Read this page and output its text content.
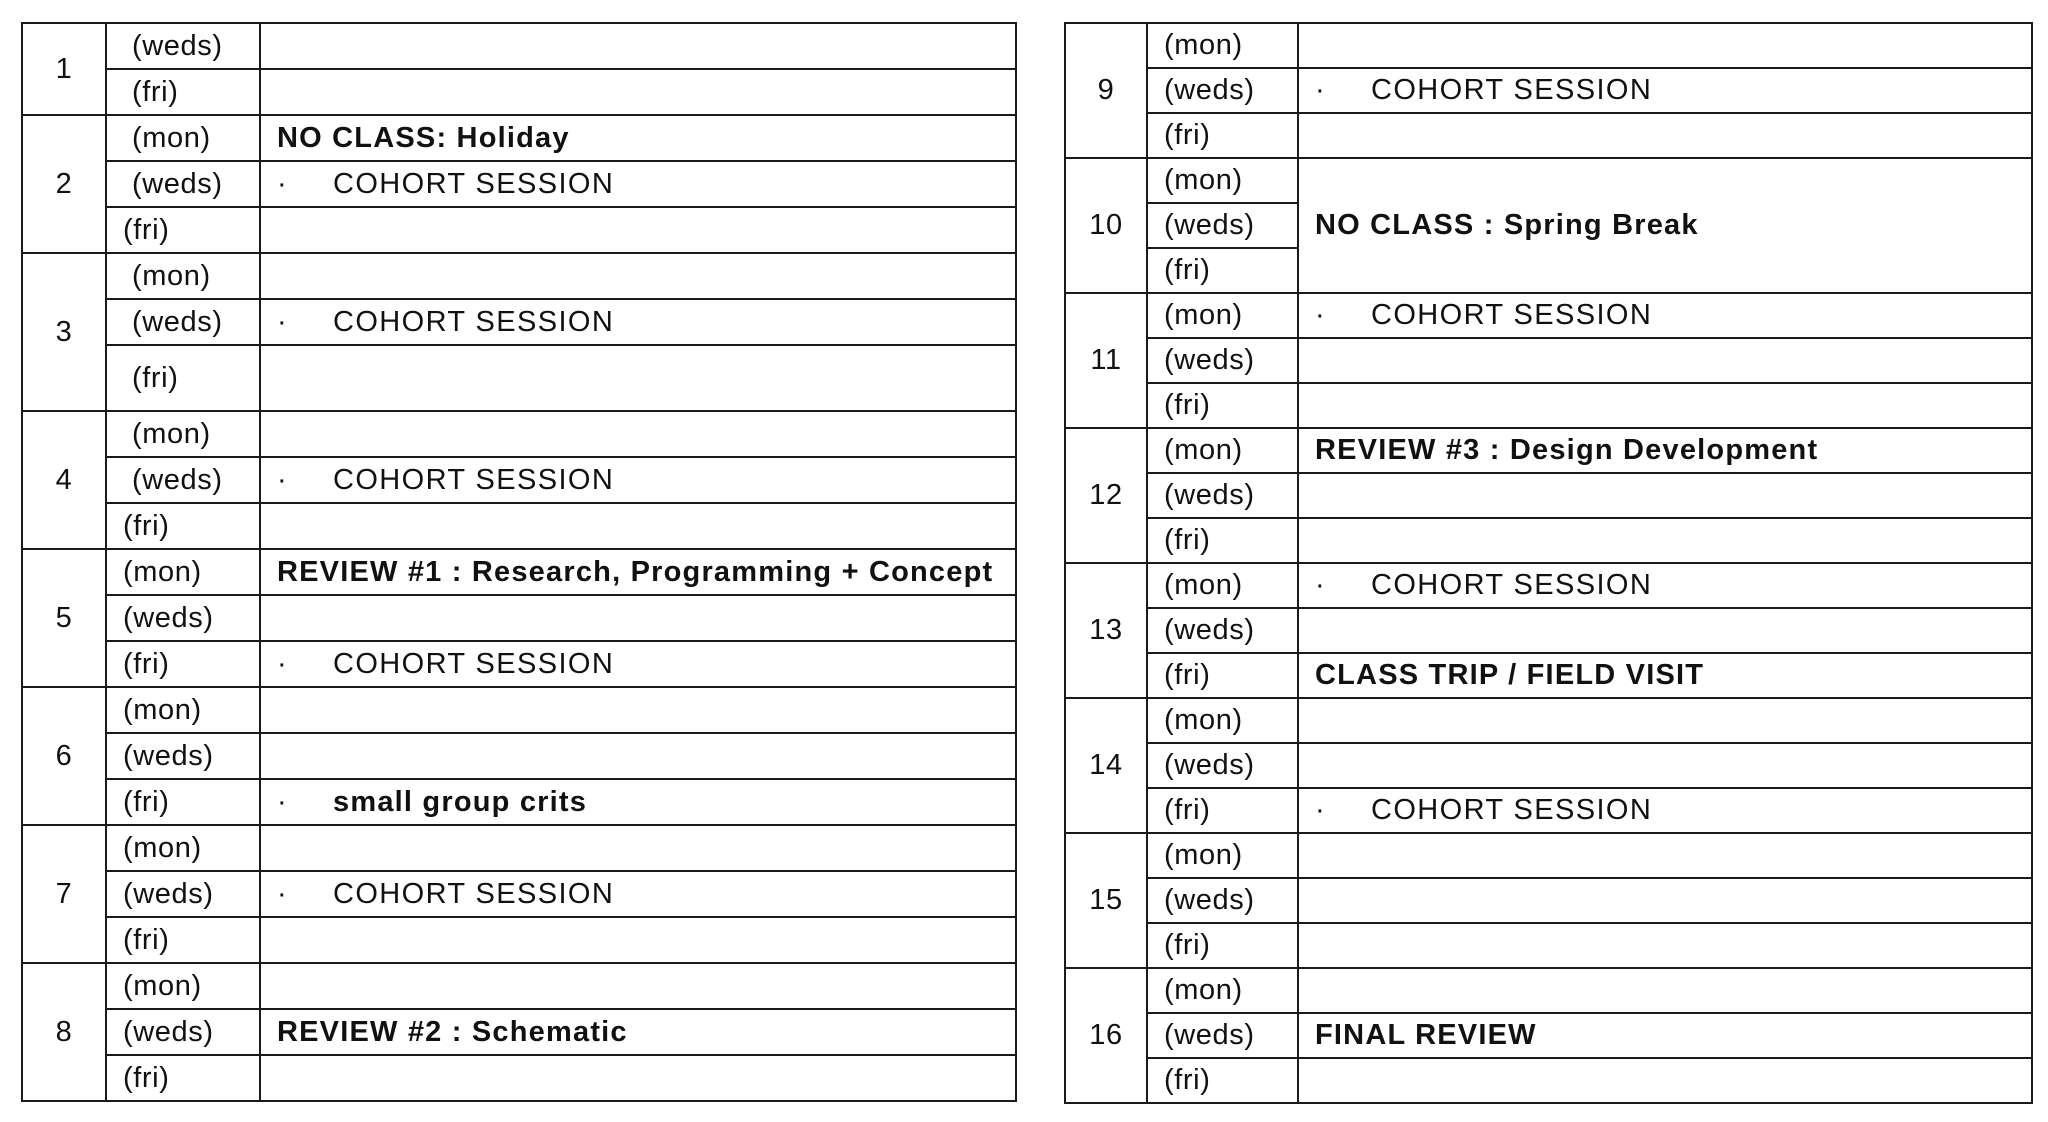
1	(weds)	
	(fri)	
2	(mon)	NO CLASS: Holiday
	(weds)	· COHORT SESSION
	(fri)	
3	(mon)	
	(weds)	· COHORT SESSION
	(fri)	
4	(mon)	
	(weds)	· COHORT SESSION
	(fri)	
5	(mon)	REVIEW #1 : Research, Programming + Concept
	(weds)	
	(fri)	· COHORT SESSION
6	(mon)	
	(weds)	
	(fri)	· small group crits
7	(mon)	
	(weds)	· COHORT SESSION
	(fri)	
8	(mon)	
	(weds)	REVIEW #2 : Schematic
	(fri)	
9	(mon)	
	(weds)	· COHORT SESSION
	(fri)	
10	(mon)	NO CLASS : Spring Break
	(weds)	
	(fri)	
11	(mon)	· COHORT SESSION
	(weds)	
	(fri)	
12	(mon)	REVIEW #3 : Design Development
	(weds)	
	(fri)	
13	(mon)	· COHORT SESSION
	(weds)	
	(fri)	CLASS TRIP / FIELD VISIT
14	(mon)	
	(weds)	
	(fri)	· COHORT SESSION
15	(mon)	
	(weds)	
	(fri)	
16	(mon)	
	(weds)	FINAL REVIEW
	(fri)	
